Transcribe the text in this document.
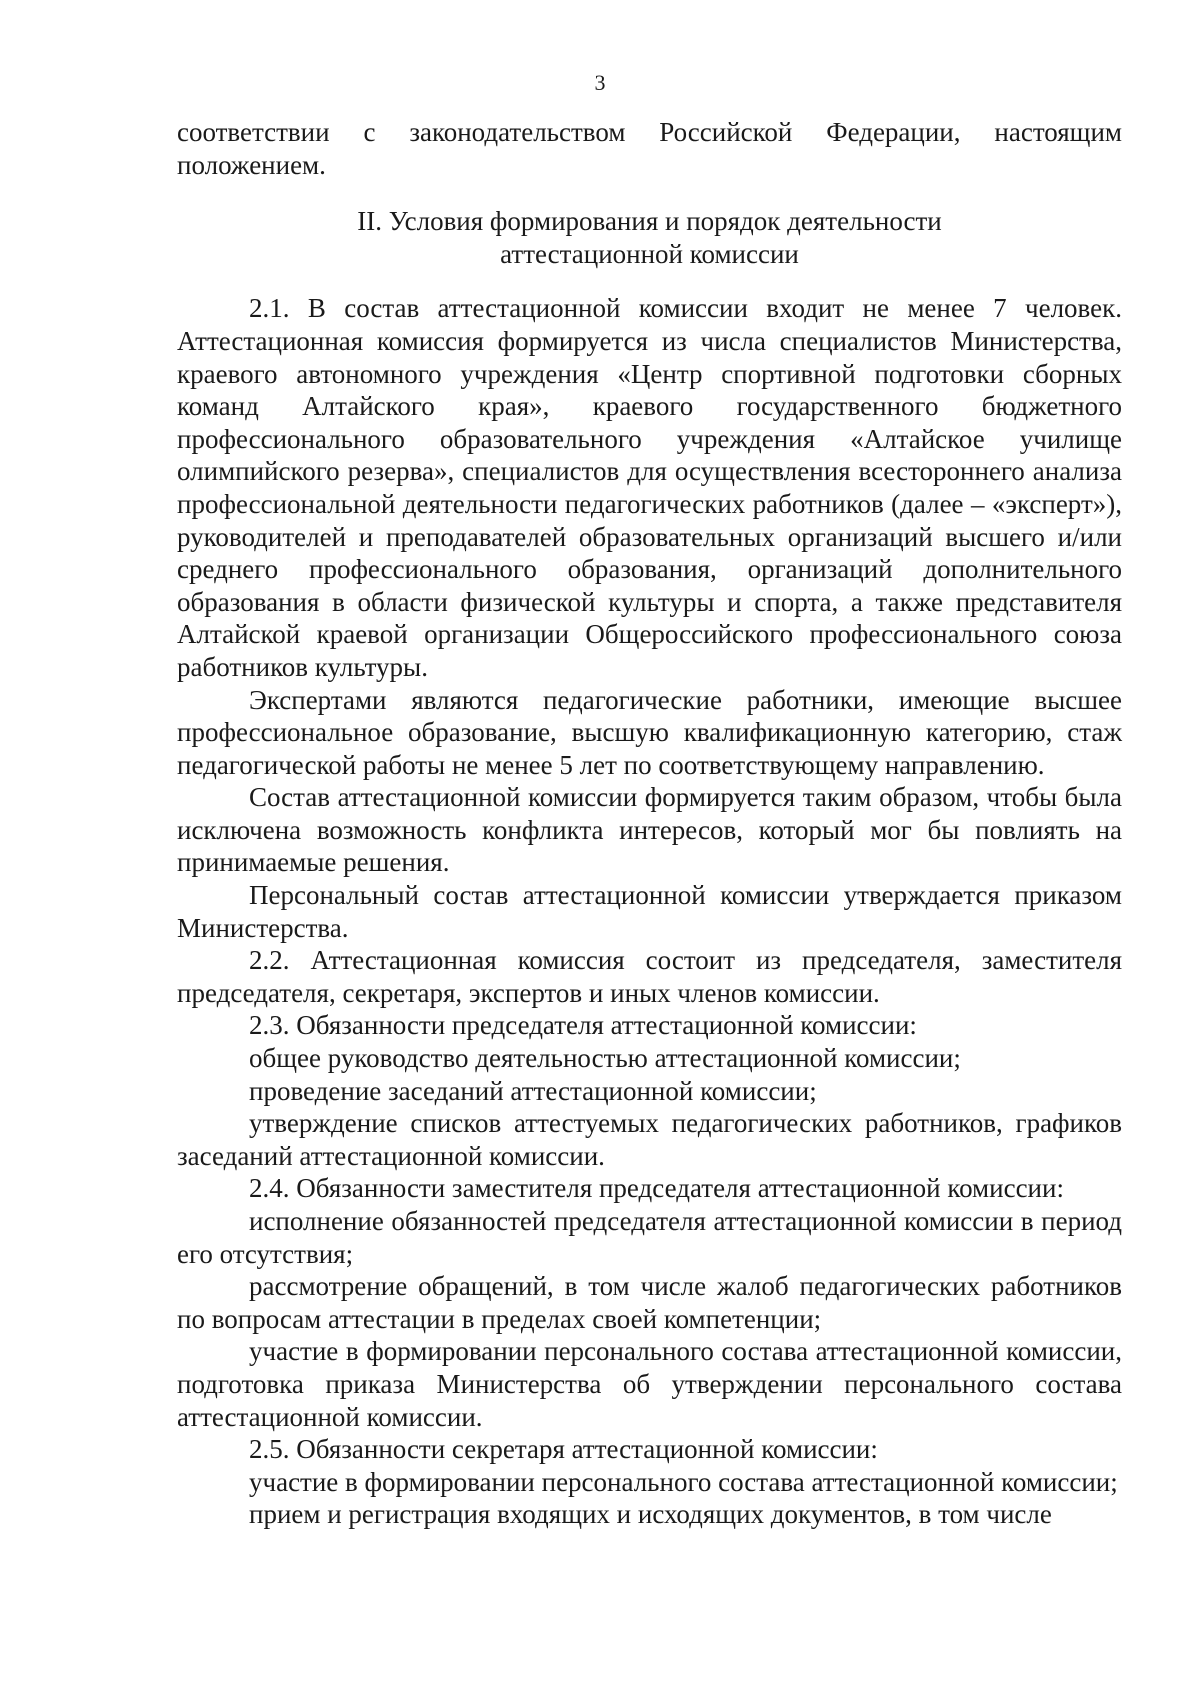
3

соответствии с законодательством Российской Федерации, настоящим положением.

II. Условия формирования и порядок деятельности
аттестационной комиссии

2.1. В состав аттестационной комиссии входит не менее 7 человек. Аттестационная комиссия формируется из числа специалистов Министерства, краевого автономного учреждения «Центр спортивной подготовки сборных команд Алтайского края», краевого государственного бюджетного профессионального образовательного учреждения «Алтайское училище олимпийского резерва», специалистов для осуществления всестороннего анализа профессиональной деятельности педагогических работников (далее – «эксперт»), руководителей и преподавателей образовательных организаций высшего и/или среднего профессионального образования, организаций дополнительного образования в области физической культуры и спорта, а также представителя Алтайской краевой организации Общероссийского профессионального союза работников культуры.

Экспертами являются педагогические работники, имеющие высшее профессиональное образование, высшую квалификационную категорию, стаж педагогической работы не менее 5 лет по соответствующему направлению.

Состав аттестационной комиссии формируется таким образом, чтобы была исключена возможность конфликта интересов, который мог бы повлиять на принимаемые решения.

Персональный состав аттестационной комиссии утверждается приказом Министерства.

2.2. Аттестационная комиссия состоит из председателя, заместителя председателя, секретаря, экспертов и иных членов комиссии.

2.3. Обязанности председателя аттестационной комиссии:

общее руководство деятельностью аттестационной комиссии;

проведение заседаний аттестационной комиссии;

утверждение списков аттестуемых педагогических работников, графиков заседаний аттестационной комиссии.

2.4. Обязанности заместителя председателя аттестационной комиссии:

исполнение обязанностей председателя аттестационной комиссии в период его отсутствия;

рассмотрение обращений, в том числе жалоб педагогических работников по вопросам аттестации в пределах своей компетенции;

участие в формировании персонального состава аттестационной комиссии, подготовка приказа Министерства об утверждении персонального состава аттестационной комиссии.

2.5. Обязанности секретаря аттестационной комиссии:

участие в формировании персонального состава аттестационной комиссии;

прием и регистрация входящих и исходящих документов, в том числе
